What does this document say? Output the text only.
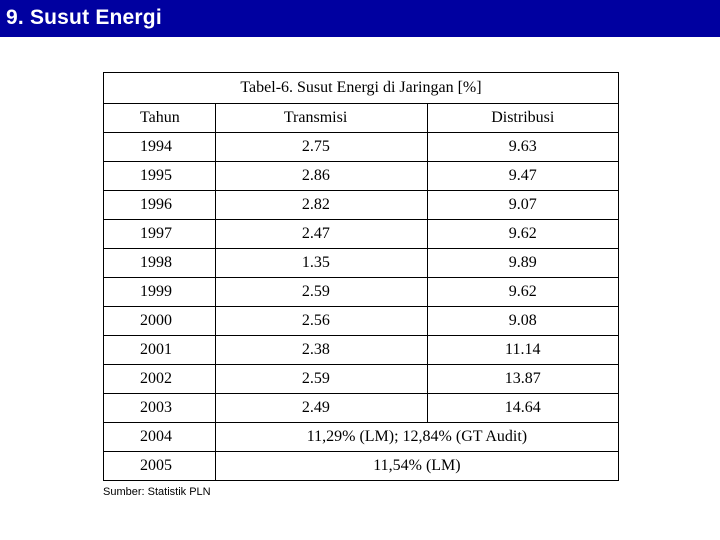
9. Susut Energi
Tabel-6. Susut Energi di Jaringan [%]		
Tahun	Transmisi	Distribusi
1994	2.75	9.63
1995	2.86	9.47
1996	2.82	9.07
1997	2.47	9.62
1998	1.35	9.89
1999	2.59	9.62
2000	2.56	9.08
2001	2.38	11.14
2002	2.59	13.87
2003	2.49	14.64
2004	11,29% (LM); 12,84% (GT Audit)	
2005	11,54% (LM)	
Sumber: Statistik PLN
